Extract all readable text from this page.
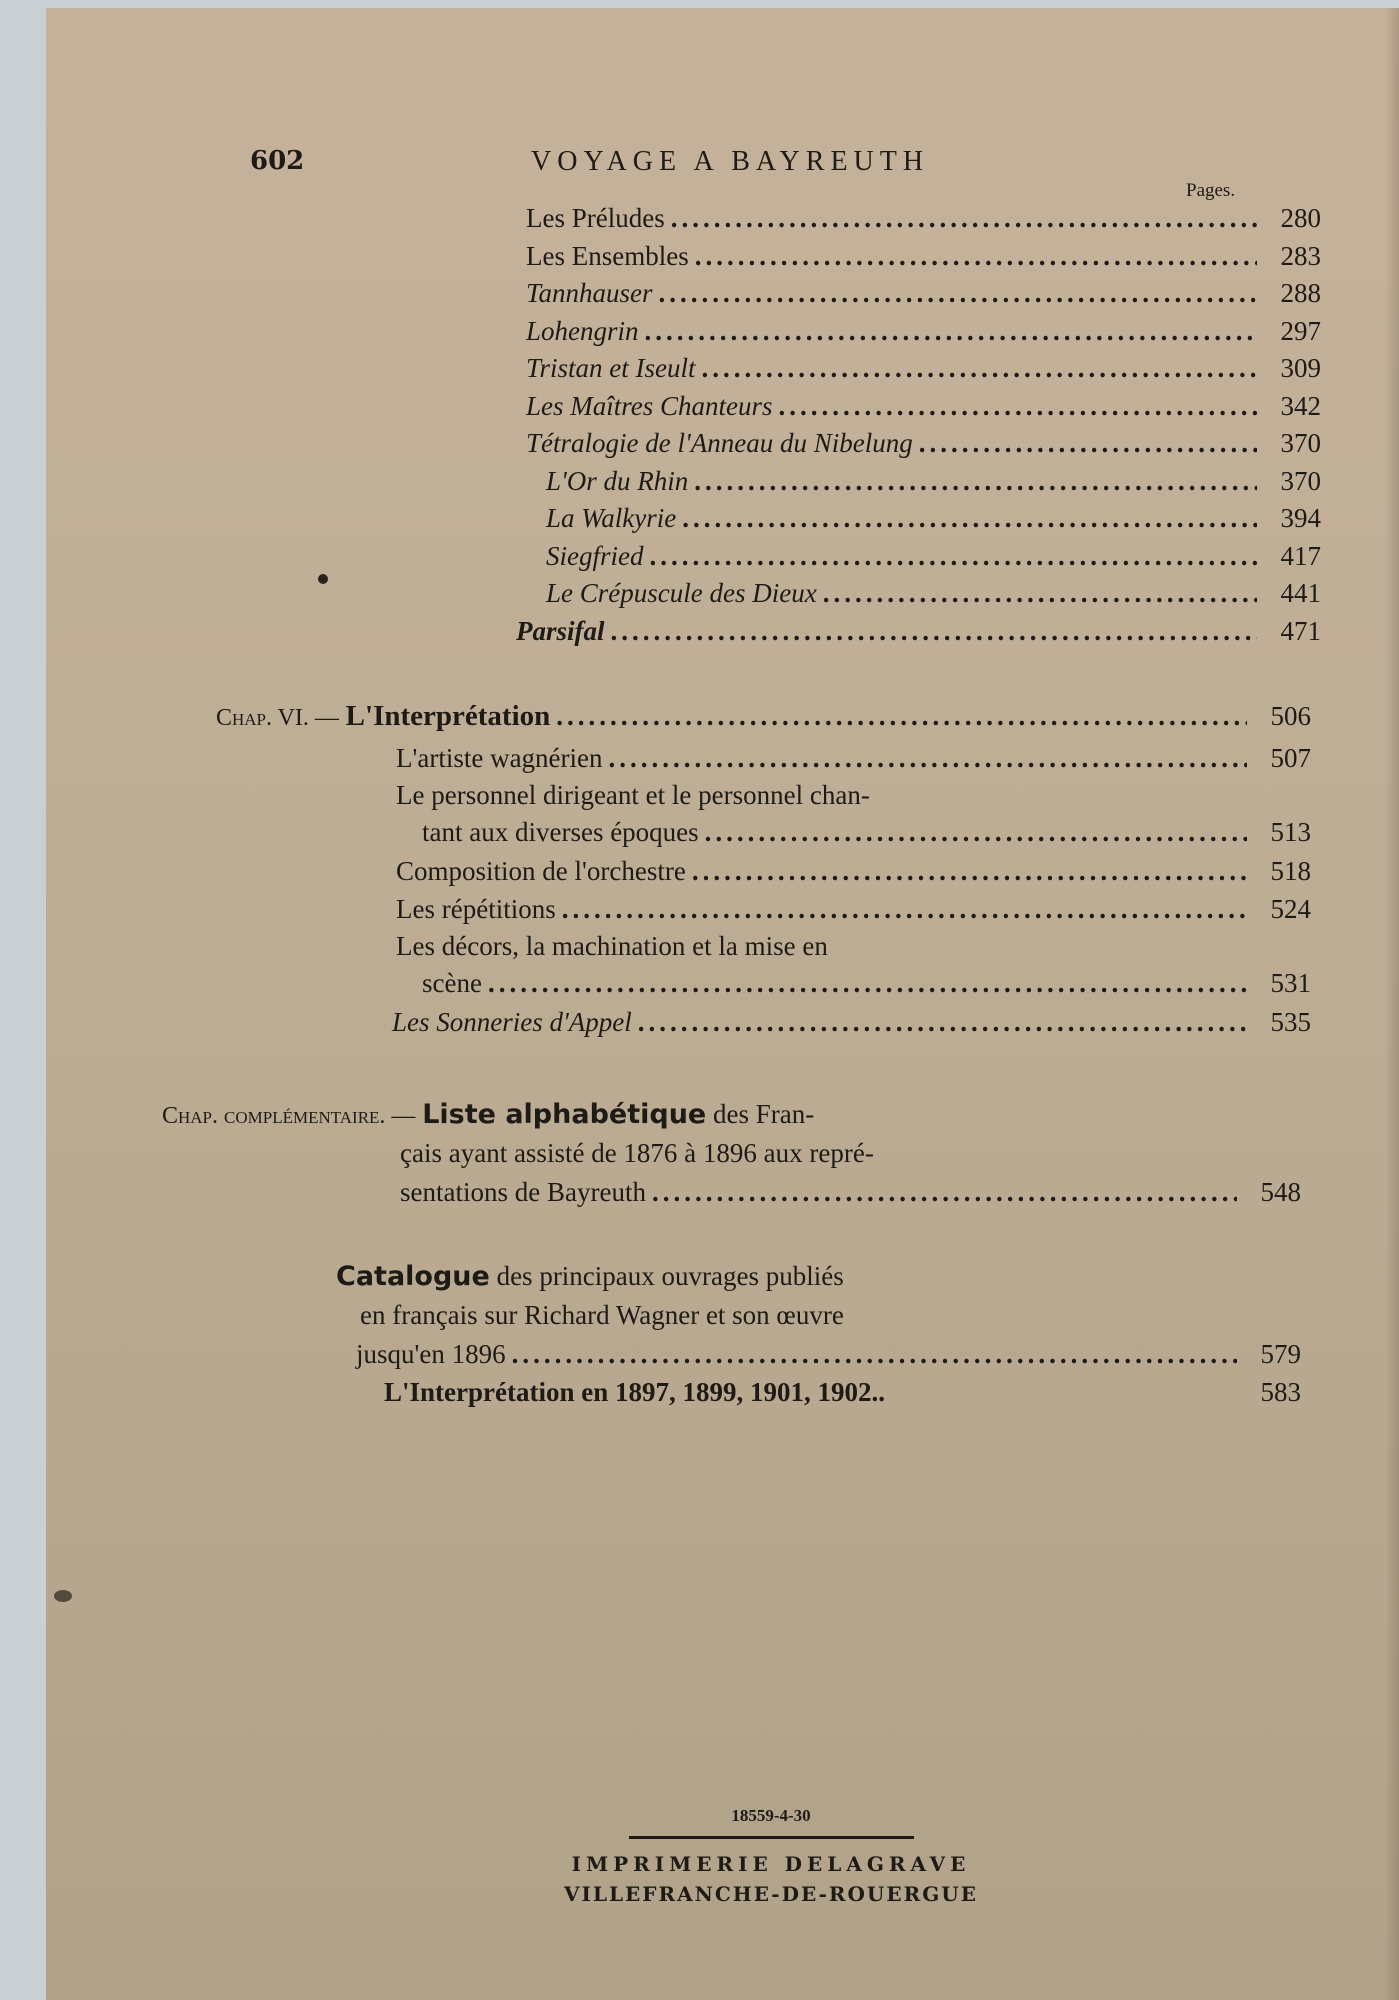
602	VOYAGE A BAYREUTH
Pages.
Les Préludes .....	280
Les Ensembles .....	283
Tannhauser .....	288
Lohengrin .....	297
Tristan et Iseult .....	309
Les Maîtres Chanteurs .....	342
Tétralogie de l'Anneau du Nibelung .....	370
L'Or du Rhin .....	370
La Walkyrie .....	394
Siegfried .....	417
Le Crépuscule des Dieux .....	441
Parsifal .....	471
Chap. VI. — L'Interprétation .....	506
L'artiste wagnérien .....	507
Le personnel dirigeant et le personnel chan-
tant aux diverses époques .....	513
Composition de l'orchestre .....	518
Les répétitions .....	524
Les décors, la machination et la mise en
scène .....	531
Les Sonneries d'Appel .....	535
Chap. complémentaire. — Liste alphabétique des Fran-
çais ayant assisté de 1876 à 1896 aux repré-
sentations de Bayreuth .....	548
Catalogue des principaux ouvrages publiés
en français sur Richard Wagner et son œuvre
jusqu'en 1896 .....	579
L'Interprétation en 1897, 1899, 1901, 1902..	583
18559-4-30
IMPRIMERIE DELAGRAVE
VILLEFRANCHE-DE-ROUERGUE
